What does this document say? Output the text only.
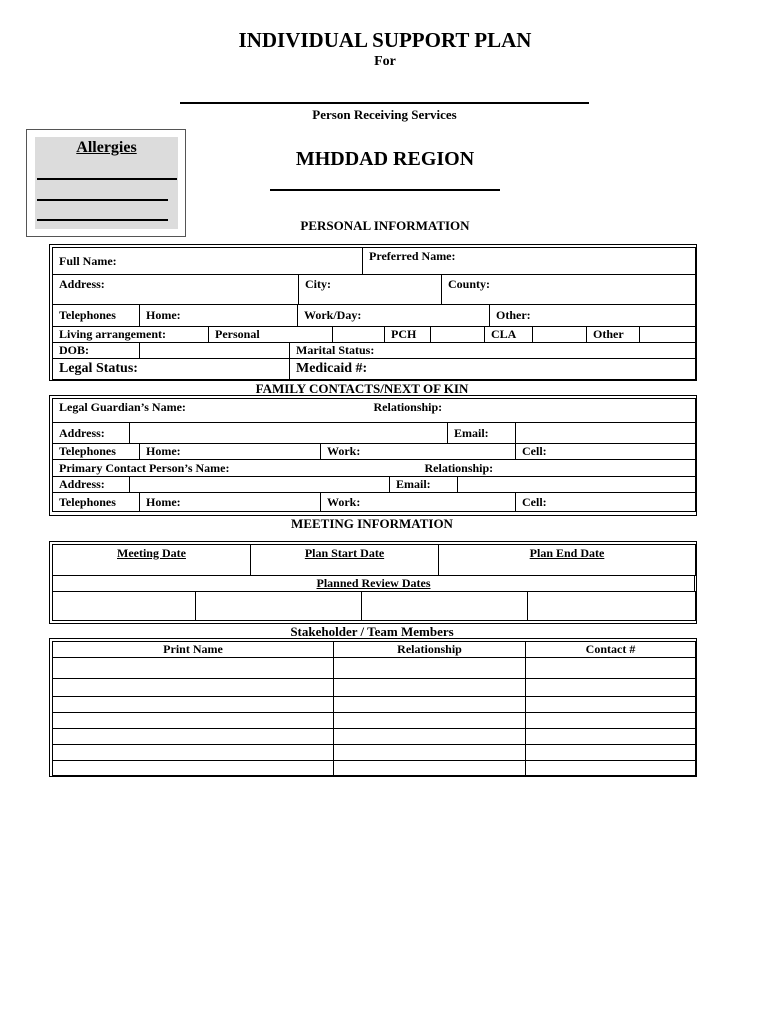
INDIVIDUAL SUPPORT PLAN
For
Person Receiving Services
Allergies
MHDDAD REGION
PERSONAL INFORMATION
Full Name:	Preferred Name:
Address:	City:	County:
Telephones	Home:	Work/Day:	Other:
Living arrangement:	Personal		PCH		CLA		Other	
DOB:		Marital Status:
Legal Status:	Medicaid #:
FAMILY CONTACTS/NEXT OF KIN
Legal Guardian’s Name:	Relationship:
Address:		Email:	
Telephones	Home:	Work:	Cell:
Primary Contact Person’s Name:	Relationship:
Address:		Email:	
Telephones	Home:	Work:	Cell:
MEETING INFORMATION
Meeting Date	Plan Start Date	Plan End Date
Planned Review Dates

Stakeholder / Team Members
Print Name	Relationship	Contact #
